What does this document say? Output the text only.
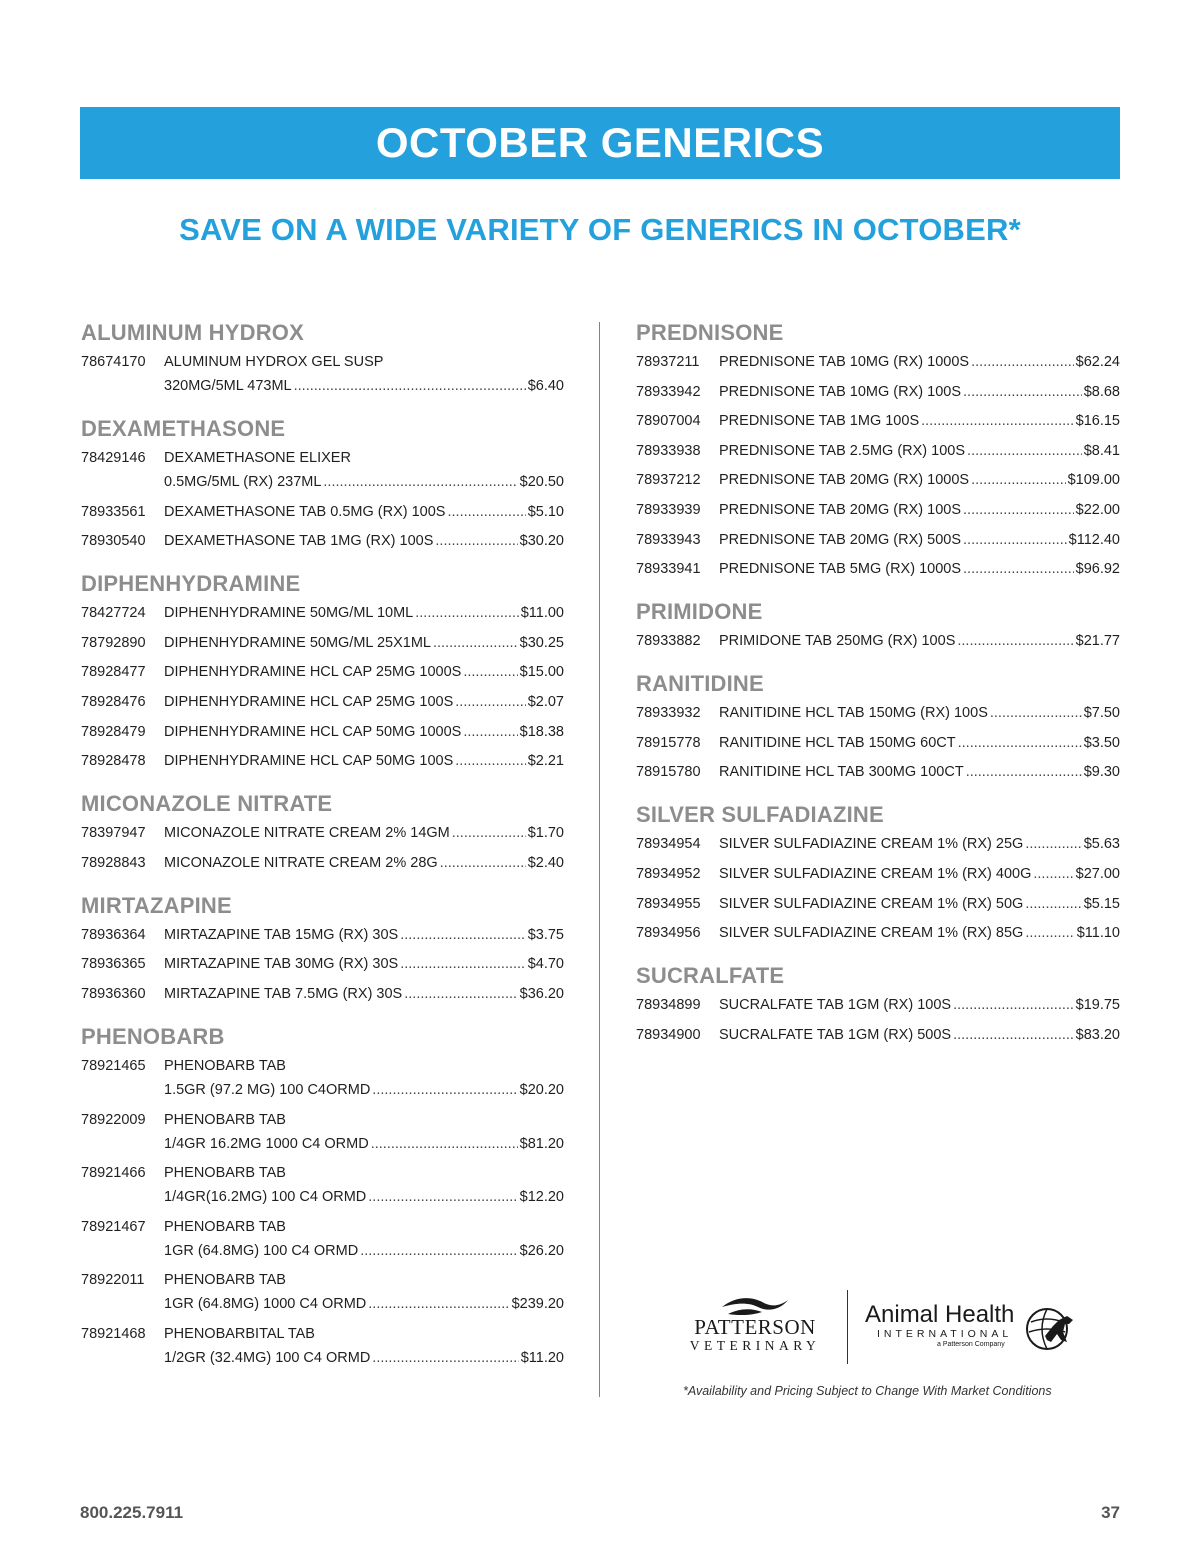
OCTOBER GENERICS
SAVE ON A WIDE VARIETY OF GENERICS IN OCTOBER*
ALUMINUM HYDROX
78674170	ALUMINUM HYDROX GEL SUSP
320MG/5ML 473ML .....	$6.40
DEXAMETHASONE
78429146	DEXAMETHASONE ELIXER
0.5MG/5ML (RX) 237ML .....	$20.50
78933561	DEXAMETHASONE TAB 0.5MG (RX) 100S .....	$5.10
78930540	DEXAMETHASONE TAB 1MG (RX) 100S .....	$30.20
DIPHENHYDRAMINE
78427724	DIPHENHYDRAMINE 50MG/ML 10ML .....	$11.00
78792890	DIPHENHYDRAMINE 50MG/ML 25X1ML .....	$30.25
78928477	DIPHENHYDRAMINE HCL CAP 25MG 1000S .....	$15.00
78928476	DIPHENHYDRAMINE HCL CAP 25MG 100S .....	$2.07
78928479	DIPHENHYDRAMINE HCL CAP 50MG 1000S .....	$18.38
78928478	DIPHENHYDRAMINE HCL CAP 50MG 100S .....	$2.21
MICONAZOLE NITRATE
78397947	MICONAZOLE NITRATE CREAM 2% 14GM .....	$1.70
78928843	MICONAZOLE NITRATE CREAM 2% 28G .....	$2.40
MIRTAZAPINE
78936364	MIRTAZAPINE TAB 15MG (RX) 30S .....	$3.75
78936365	MIRTAZAPINE TAB 30MG (RX) 30S .....	$4.70
78936360	MIRTAZAPINE TAB 7.5MG (RX) 30S .....	$36.20
PHENOBARB
78921465	PHENOBARB TAB
1.5GR (97.2 MG) 100 C4ORMD .....	$20.20
78922009	PHENOBARB TAB
1/4GR 16.2MG 1000 C4 ORMD .....	$81.20
78921466	PHENOBARB TAB
1/4GR(16.2MG) 100 C4 ORMD .....	$12.20
78921467	PHENOBARB TAB
1GR (64.8MG) 100 C4 ORMD .....	$26.20
78922011	PHENOBARB TAB
1GR (64.8MG) 1000 C4 ORMD .....	$239.20
78921468	PHENOBARBITAL TAB
1/2GR (32.4MG) 100 C4 ORMD .....	$11.20
PREDNISONE
78937211	PREDNISONE TAB 10MG (RX) 1000S .....	$62.24
78933942	PREDNISONE TAB 10MG (RX) 100S .....	$8.68
78907004	PREDNISONE TAB 1MG 100S .....	$16.15
78933938	PREDNISONE TAB 2.5MG (RX) 100S .....	$8.41
78937212	PREDNISONE TAB 20MG (RX) 1000S .....	$109.00
78933939	PREDNISONE TAB 20MG (RX) 100S .....	$22.00
78933943	PREDNISONE TAB 20MG (RX) 500S .....	$112.40
78933941	PREDNISONE TAB 5MG (RX) 1000S .....	$96.92
PRIMIDONE
78933882	PRIMIDONE TAB 250MG (RX) 100S .....	$21.77
RANITIDINE
78933932	RANITIDINE HCL TAB 150MG (RX) 100S .....	$7.50
78915778	RANITIDINE HCL TAB 150MG 60CT .....	$3.50
78915780	RANITIDINE HCL TAB 300MG 100CT .....	$9.30
SILVER SULFADIAZINE
78934954	SILVER SULFADIAZINE CREAM 1% (RX) 25G .....	$5.63
78934952	SILVER SULFADIAZINE CREAM 1% (RX) 400G .....	$27.00
78934955	SILVER SULFADIAZINE CREAM 1% (RX) 50G .....	$5.15
78934956	SILVER SULFADIAZINE CREAM 1% (RX) 85G .....	$11.10
SUCRALFATE
78934899	SUCRALFATE TAB 1GM (RX) 100S .....	$19.75
78934900	SUCRALFATE TAB 1GM (RX) 500S .....	$83.20
PATTERSON
VETERINARY
Animal Health
INTERNATIONAL
a Patterson Company
*Availability and Pricing Subject to Change With Market Conditions
800.225.7911	37
